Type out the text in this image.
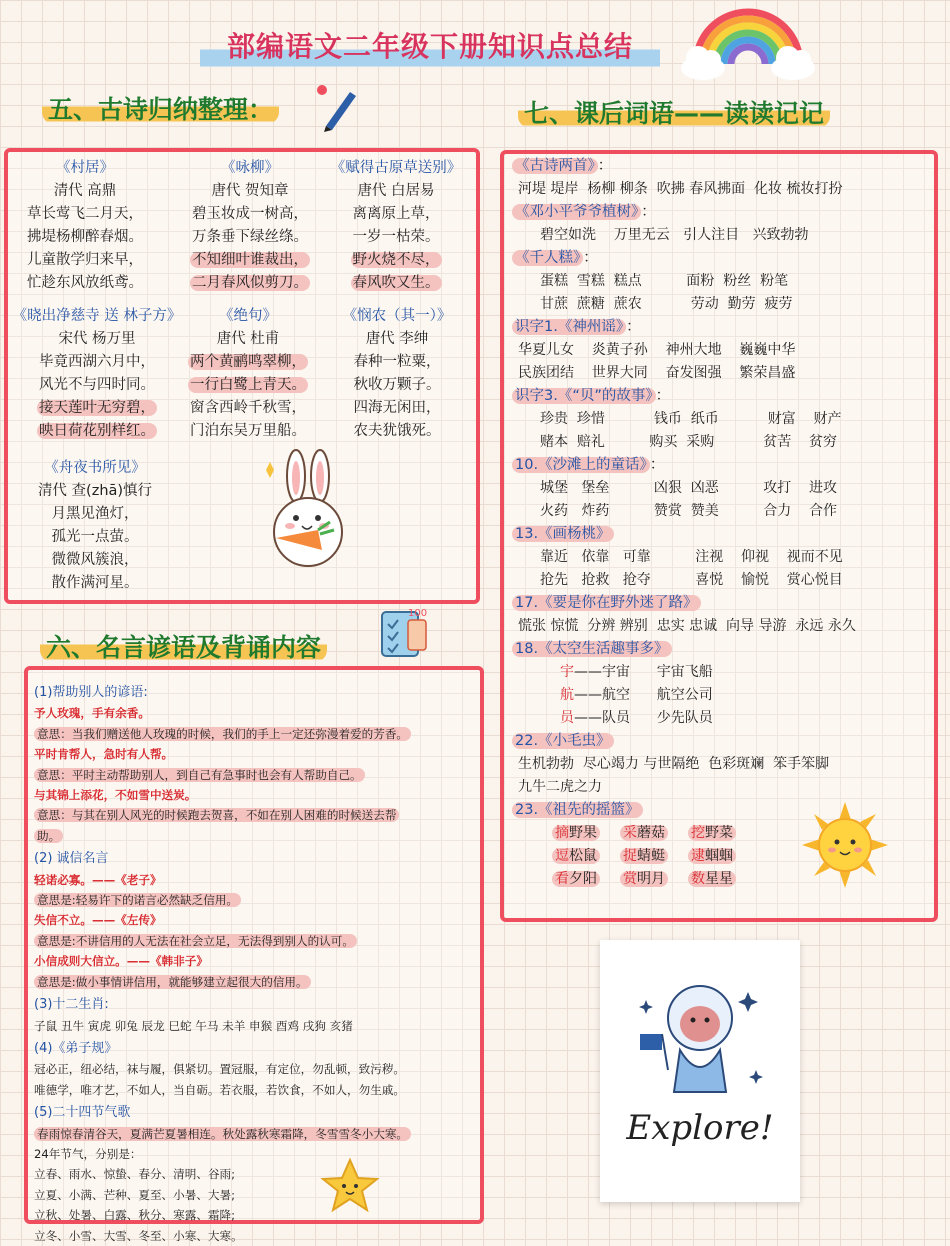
部编语文二年级下册知识点总结
五、古诗归纳整理：	七、课后词语——读读记记
《村居》
清代 高鼎
草长莺飞二月天，
拂堤杨柳醉春烟。
儿童散学归来早，
忙趁东风放纸鸢。
《咏柳》
唐代 贺知章
碧玉妆成一树高，
万条垂下绿丝绦。
不知细叶谁裁出，
二月春风似剪刀。
《赋得古原草送别》
唐代 白居易
离离原上草，
一岁一枯荣。
野火烧不尽，
春风吹又生。
《晓出净慈寺 送 林子方》
宋代 杨万里
毕竟西湖六月中，
风光不与四时同。
接天莲叶无穷碧，
映日荷花别样红。
《绝句》
唐代 杜甫
两个黄鹂鸣翠柳，
一行白鹭上青天。
窗含西岭千秋雪，
门泊东吴万里船。
《悯农（其一）》
唐代 李绅
春种一粒粟，
秋收万颗子。
四海无闲田，
农夫犹饿死。
《舟夜书所见》
清代 查(zhā)慎行
月黑见渔灯，
孤光一点萤。
微微风簇浪，
散作满河星。
六、名言谚语及背诵内容
100
(1)帮助别人的谚语:
予人玫瑰，手有余香。
意思：当我们赠送他人玫瑰的时候，我们的手上一定还弥漫着爱的芳香。
平时肯帮人，急时有人帮。
意思：平时主动帮助别人，到自己有急事时也会有人帮助自己。
与其锦上添花，不如雪中送炭。
意思：与其在别人风光的时候跑去贺喜，不如在别人困难的时候送去帮
助。
(2) 诚信名言
轻诺必寡。——《老子》
意思是:轻易许下的诺言必然缺乏信用。
失信不立。——《左传》
意思是:不讲信用的人无法在社会立足，无法得到别人的认可。
小信成则大信立。——《韩非子》
意思是:做小事情讲信用，就能够建立起很大的信用。
(3)十二生肖:
子鼠 丑牛 寅虎 卯兔 辰龙 巳蛇 午马 未羊 申猴 酉鸡 戌狗 亥猪
(4)《弟子规》
冠必正，纽必结，袜与履，俱紧切。置冠服，有定位，勿乱顿，致污秽。
唯德学，唯才艺，不如人，当自砺。若衣服，若饮食，不如人，勿生戚。
(5)二十四节气歌
春雨惊春清谷天，夏满芒夏暑相连。秋处露秋寒霜降，冬雪雪冬小大寒。
24年节气，分别是：
立春、雨水、惊蛰、春分、清明、谷雨;
立夏、小满、芒种、夏至、小暑、大暑;
立秋、处暑、白露、秋分、寒露、霜降;
立冬、小雪、大雪、冬至、小寒、大寒。
《古诗两首》 ：
河堤 堤岸  杨柳 柳条  吹拂 春风拂面  化妆 梳妆打扮
《邓小平爷爷植树》 ：
碧空如洗    万里无云   引人注目   兴致勃勃
《千人糕》 ：
蛋糕  雪糕  糕点          面粉  粉丝  粉笔
甘蔗  蔗糖  蔗农           劳动  勤劳  疲劳
识字1.《神州谣》 ：
华夏儿女    炎黄子孙    神州大地    巍巍中华
民族团结    世界大同    奋发图强    繁荣昌盛
识字3.《“贝”的故事》 ：
珍贵  珍惜           钱币  纸币           财富    财产
赌本  赔礼          购买  采购           贫苦    贫穷
10.《沙滩上的童话》 ：
城堡   堡垒          凶狠  凶恶          攻打    进攻
火药   炸药          赞赏  赞美          合力    合作
13.《画杨桃》
靠近   依靠   可靠          注视    仰视    视而不见
抢先   抢救   抢夺          喜悦    愉悦    赏心悦目
17.《要是你在野外迷了路》
慌张 惊慌  分辨 辨别  忠实 忠诚  向导 导游  永远 永久
18.《太空生活趣事多》
宇——宇宙      宇宙飞船
航——航空      航空公司
员——队员      少先队员
22.《小毛虫》
生机勃勃  尽心竭力 与世隔绝  色彩斑斓  笨手笨脚
九牛二虎之力
23.《祖先的摇篮》
摘野果 采蘑菇 挖野菜
逗松鼠 捉蜻蜓 逮蝈蝈
看夕阳 赏明月 数星星
Explore!
